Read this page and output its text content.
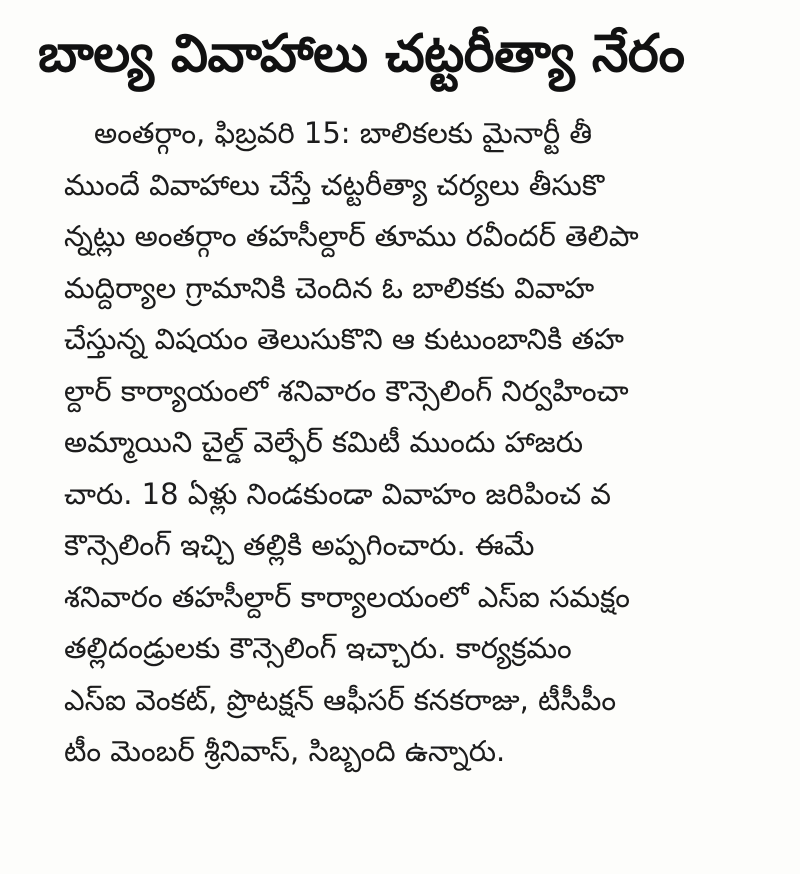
బాల్య వివాహాలు చట్టరీత్యా నేరం
అంతర్గాం, ఫిబ్రవరి 15: బాలికలకు మైనార్టీ తీ
ముందే వివాహాలు చేస్తే చట్టరీత్యా చర్యలు తీసుకొ
న్నట్లు అంతర్గాం తహసీల్దార్ తూము రవీందర్ తెలిపా
మద్దిర్యాల గ్రామానికి చెందిన ఓ బాలికకు వివాహ
చేస్తున్న విషయం తెలుసుకొని ఆ కుటుంబానికి తహ
ల్దార్ కార్యాయంలో శనివారం కౌన్సెలింగ్ నిర్వహించా
అమ్మాయిని చైల్డ్ వెల్ఫేర్ కమిటీ ముందు హాజరు
చారు. 18 ఏళ్లు నిండకుండా వివాహం జరిపించ వ
కౌన్సెలింగ్ ఇచ్చి తల్లికి అప్పగించారు. ఈమే
శనివారం తహసీల్దార్ కార్యాలయంలో ఎస్ఐ సమక్షం
తల్లిదండ్రులకు కౌన్సెలింగ్ ఇచ్చారు. కార్యక్రమం
ఎస్ఐ వెంకట్, ప్రొటక్షన్ ఆఫీసర్ కనకరాజు, టీసీపీం
టీం మెంబర్ శ్రీనివాస్, సిబ్బంది ఉన్నారు.
